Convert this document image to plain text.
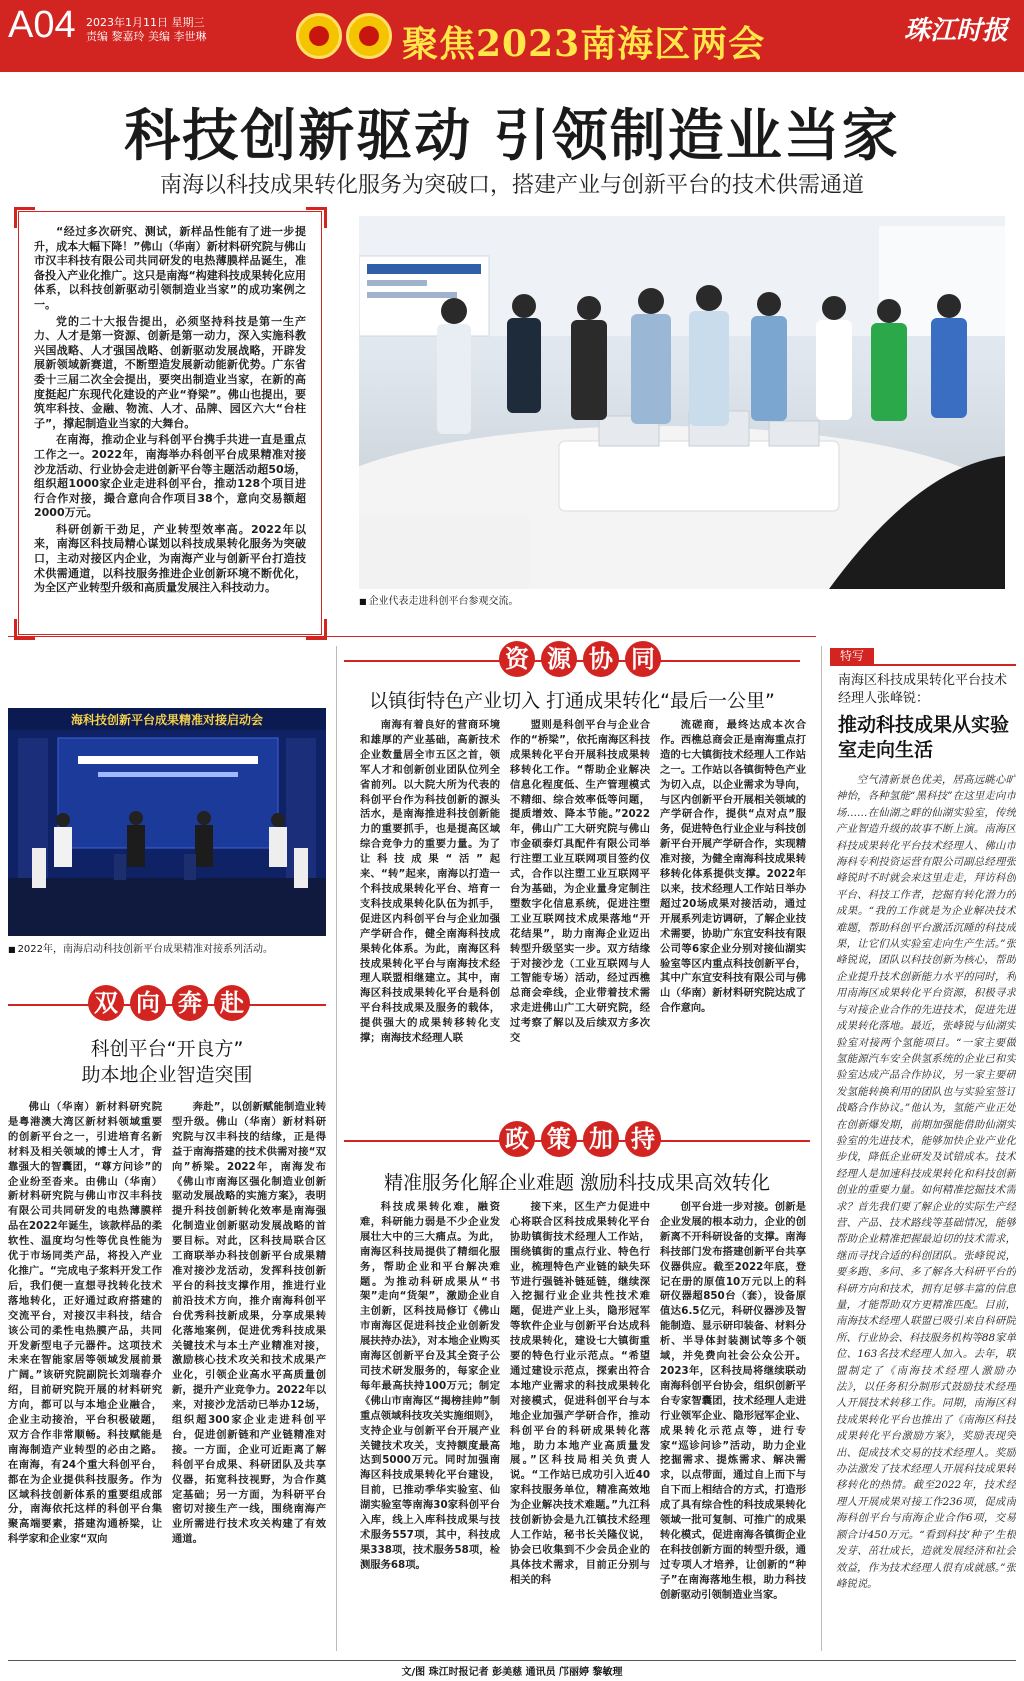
A04 2023年1月11日 星期三
责编 黎嘉玲 美编 李世琳	聚焦2023南海区两会	珠江时报
科技创新驱动 引领制造业当家
南海以科技成果转化服务为突破口，搭建产业与创新平台的技术供需通道

“经过多次研究、测试，新样品性能有了进一步提升，成本大幅下降！”佛山（华南）新材料研究院与佛山市汉丰科技有限公司共同研发的电热薄膜样品诞生，准备投入产业化推广。这只是南海“构建科技成果转化应用体系，以科技创新驱动引领制造业当家”的成功案例之一。

党的二十大报告提出，必须坚持科技是第一生产力、人才是第一资源、创新是第一动力，深入实施科教兴国战略、人才强国战略、创新驱动发展战略，开辟发展新领域新赛道，不断塑造发展新动能新优势。广东省委十三届二次全会提出，要突出制造业当家，在新的高度挺起广东现代化建设的产业“脊梁”。佛山也提出，要筑牢科技、金融、物流、人才、品牌、园区六大“台柱子”，撑起制造业当家的大舞台。

在南海，推动企业与科创平台携手共进一直是重点工作之一。2022年，南海举办科创平台成果精准对接沙龙活动、行业协会走进创新平台等主题活动超50场，组织超1000家企业走进科创平台，推动128个项目进行合作对接，撮合意向合作项目38个，意向交易额超2000万元。

科研创新干劲足，产业转型效率高。2022年以来，南海区科技局精心谋划以科技成果转化服务为突破口，主动对接区内企业，为南海产业与创新平台打造技术供需通道，以科技服务推进企业创新环境不断优化，为全区产业转型升级和高质量发展注入科技动力。

■ 企业代表走进科创平台参观交流。
资 源 协 同
以镇街特色产业切入 打通成果转化“最后一公里”

南海有着良好的营商环境和雄厚的产业基础，高新技术企业数量居全市五区之首，领军人才和创新创业团队位列全省前列。以大院大所为代表的科创平台作为科技创新的源头活水，是南海推进科技创新能力的重要抓手，也是提高区域综合竞争力的重要力量。为了让科技成果“活”起来、“转”起来，南海以打造一个科技成果转化平台、培育一支科技成果转化队伍为抓手，促进区内科创平台与企业加强产学研合作，健全南海科技成果转化体系。为此，南海区科技成果转化平台与南海技术经理人联盟相继建立。其中，南海区科技成果转化平台是科创平台科技成果及服务的载体，提供强大的成果转移转化支撑；南海技术经理人联

盟则是科创平台与企业合作的“桥梁”，依托南海区科技成果转化平台开展科技成果转移转化工作。“帮助企业解决信息化程度低、生产管理模式不精细、综合效率低等问题，提质增效、降本节能。”2022年，佛山广工大研究院与佛山市金硕泰灯具配件有限公司举行注塑工业互联网项目签约仪式，合作以注塑工业互联网平台为基础，为企业量身定制注塑数字化信息系统，促进注塑工业互联网技术成果落地“开花结果”，助力南海企业迈出转型升级坚实一步。双方结缘于对接沙龙（工业互联网与人工智能专场）活动，经过西樵总商会牵线，企业带着技术需求走进佛山广工大研究院，经过考察了解以及后续双方多次交

流磋商，最终达成本次合作。西樵总商会正是南海重点打造的七大镇街技术经理人工作站之一。工作站以各镇街特色产业为切入点，以企业需求为导向，与区内创新平台开展相关领域的产学研合作，提供“点对点”服务，促进特色行业企业与科技创新平台开展产学研合作，实现精准对接，为健全南海科技成果转移转化体系提供支撑。2022年以来，技术经理人工作站日举办超过20场成果对接活动，通过开展系列走访调研，了解企业技术需要，协助广东宜安科技有限公司等6家企业分别对接仙湖实验室等区内重点科技创新平台，其中广东宜安科技有限公司与佛山（华南）新材料研究院达成了合作意向。

海科技创新平台成果精准对接启动会
■ 2022年，南海启动科技创新平台成果精准对接系列活动。
双 向 奔 赴
科创平台“开良方”
助本地企业智造突围

佛山（华南）新材料研究院是粤港澳大湾区新材料领域重要的创新平台之一，引进培育名新材料及相关领域的博士人才，背靠强大的智囊团，“尊方问诊”的企业纷至沓来。由佛山（华南）新材料研究院与佛山市汉丰科技有限公司共同研发的电热薄膜样品在2022年诞生，该款样品的柔软性、温度均匀性等优良性能为优于市场同类产品，将投入产业化推广。“完成电子浆料开发工作后，我们便一直想寻找转化技术落地转化，正好通过政府搭建的交流平台，对接汉丰科技，结合该公司的柔性电热膜产品，共同开发新型电子元器件。这项技术未来在智能家居等领域发展前景广阔。”该研究院副院长刘瑞春介绍，目前研究院开展的材料研究方向，都可以与本地企业融合，企业主动接治，平台积极破题，双方合作非常顺畅。科技赋能是南海制造产业转型的必由之路。在南海，有24个重大科创平台，都在为企业提供科技服务。作为区域科技创新体系的重要组成部分，南海依托这样的科创平台集聚高端要素，搭建沟通桥梁，让科学家和企业家“双向

奔赴”，以创新赋能制造业转型升级。佛山（华南）新材料研究院与汉丰科技的结缘，正是得益于南海搭建的技术供需对接“双向”桥梁。2022年，南海发布《佛山市南海区强化制造业创新驱动发展战略的实施方案》，表明提升科技创新转化效率是南海强化制造业创新驱动发展战略的首要目标。对此，区科技局联合区工商联举办科技创新平台成果精准对接沙龙活动，发挥科技创新平台的科技支撑作用，推进行业前沿技术方向，推介南海科创平台优秀科技新成果，分享成果转化落地案例，促进优秀科技成果关键技术与本土产业精准对接，激励核心技术攻关和技术成果产业化，引领企业高水平高质量创新，提升产业竞争力。2022年以来，对接沙龙活动已举办12场，组织超300家企业走进科创平台，促进创新链和产业链精准对接。一方面，企业可近距离了解科创平台成果、科研团队及共享仪器，拓宽科技视野，为合作奠定基础；另一方面，为科研平台密切对接生产一线，围绕南海产业所需进行技术攻关构建了有效通道。

政 策 加 持
精准服务化解企业难题 激励科技成果高效转化

科技成果转化难，融资难，科研能力弱是不少企业发展壮大中的三大痛点。为此，南海区科技局提供了精细化服务，帮助企业和平台解决难题。为推动科研成果从“书架”走向“货架”，激励企业自主创新，区科技局修订《佛山市南海区促进科技企业创新发展扶持办法》，对本地企业购买南海区创新平台及其全资子公司技术研发服务的，每家企业每年最高扶持100万元；制定《佛山市南海区“揭榜挂帅”制重点领域科技攻关实施细则》，支持企业与创新平台开展产业关键技术攻关，支持额度最高达到5000万元。同时加强南海区科技成果转化平台建设，目前，已推动季华实验室、仙湖实验室等南海30家科创平台入库，线上入库科技成果与技术服务557项，其中，科技成果338项，技术服务58项，检测服务68项。

接下来，区生产力促进中心将联合区科技成果转化平台协助镇街技术经理人工作站，围绕镇街的重点行业、特色行业，梳理特色产业链的缺失环节进行强链补链延链，继续深入挖掘行业企业共性技术难题，促进产业上头，隐形冠军等软件企业与创新平台达成科技成果转化，建设七大镇街重要的特色行业示范点。“希望通过建设示范点，探索出符合本地产业需求的科技成果转化对接模式，促进科创平台与本地企业加强产学研合作，推动科创平台的科研成果转化落地，助力本地产业高质量发展。”区科技局相关负责人说。“工作站已成功引入近40家科技服务单位，精准高效地为企业解决技术难题。”九江科技创新协会是九江镇技术经理人工作站，秘书长关隆仪说，协会已收集到不少会员企业的具体技术需求，目前正分别与相关的科

创平台进一步对接。创新是企业发展的根本动力，企业的创新离不开科研设备的支撑。南海科技部门发布搭建创新平台共享仪器供应。截至2022年底，登记在册的原值10万元以上的科研仪器超850台（套），设备原值达6.5亿元，科研仪器涉及智能制造、显示研印装备、材料分析、半导体封装测试等多个领域，并免费向社会公众公开。2023年，区科技局将继续联动南海科创平台协会，组织创新平台专家智囊团，技术经理人走进行业领军企业、隐形冠军企业、成果转化示范点等，进行专家“巡诊问诊”活动，助力企业挖掘需求、提炼需求、解决需求，以点带面，通过自上而下与自下而上相结合的方式，打造形成了具有综合性的科技成果转化领域一批可复制、可推广的成果转化模式，促进南海各镇街企业在科技创新方面的转型升级，通过专项人才培养，让创新的“种子”在南海落地生根，助力科技创新驱动引领制造业当家。

特写
南海区科技成果转化平台技术经理人张峰锐：
推动科技成果从实验室走向生活

空气清新景色优美，居高远眺心旷神怡，各种氢能“黑科技”在这里走向市场……在仙湖之畔的仙湖实验室，传统产业智造升级的故事不断上演。南海区科技成果转化平台技术经理人、佛山市海科专利投资运营有限公司副总经理张峰锐时不时就会来这里走走，拜访科创平台、科技工作者，挖掘有转化潜力的成果。“我的工作就是为企业解决技术难题，帮助科创平台激活沉睡的科技成果，让它们从实验室走向生产生活。”张峰锐说，团队以科技创新为核心，帮助企业提升技术创新能力水平的同时，利用南海区成果转化平台资源，积极寻求与对接企业合作的先进技术，促进先进成果转化落地。最近，张峰锐与仙湖实验室对接两个氢能项目。“一家主要做氢能源汽车安全供氢系统的企业已和实验室达成产品合作协议，另一家主要研发氢能转换利用的团队也与实验室签订战略合作协议。”他认为，氢能产业正处在创新爆发期，前期加强能借助仙湖实验室的先进技术，能够加快企业产业化步伐，降低企业研发及试错成本。技术经理人是加速科技成果转化和科技创新创业的重要力量。如何精准挖掘技术需求？首先我们要了解企业的实际生产经营、产品、技术路线等基础情况，能够帮助企业精准把握最迫切的技术需求，继而寻找合适的科创团队。张峰锐说，要多跑、多问、多了解各大科研平台的科研方向和技术，拥有足够丰富的信息量，才能帮助双方更精准匹配。目前，南海技术经理人联盟已吸引来自科研院所、行业协会、科技服务机构等88家单位、163名技术经理人加入。去年，联盟制定了《南海技术经理人激励办法》，以任务积分制形式鼓励技术经理人开展技术转移工作。同期，南海区科技成果转化平台也推出了《南海区科技成果转化平台激励方案》，奖励表现突出、促成技术交易的技术经理人。奖励办法激发了技术经理人开展科技成果转移转化的热情。截至2022年，技术经理人开展成果对接工作236项，促成南海科创平台与南海企业合作6项，交易额合计450万元。“看到科技‘种子’生根发芽、茁壮成长，造就发展经济和社会效益，作为技术经理人很有成就感。”张峰锐说。

文/图 珠江时报记者 彭美慈 通讯员 邝丽婷 黎敏理
